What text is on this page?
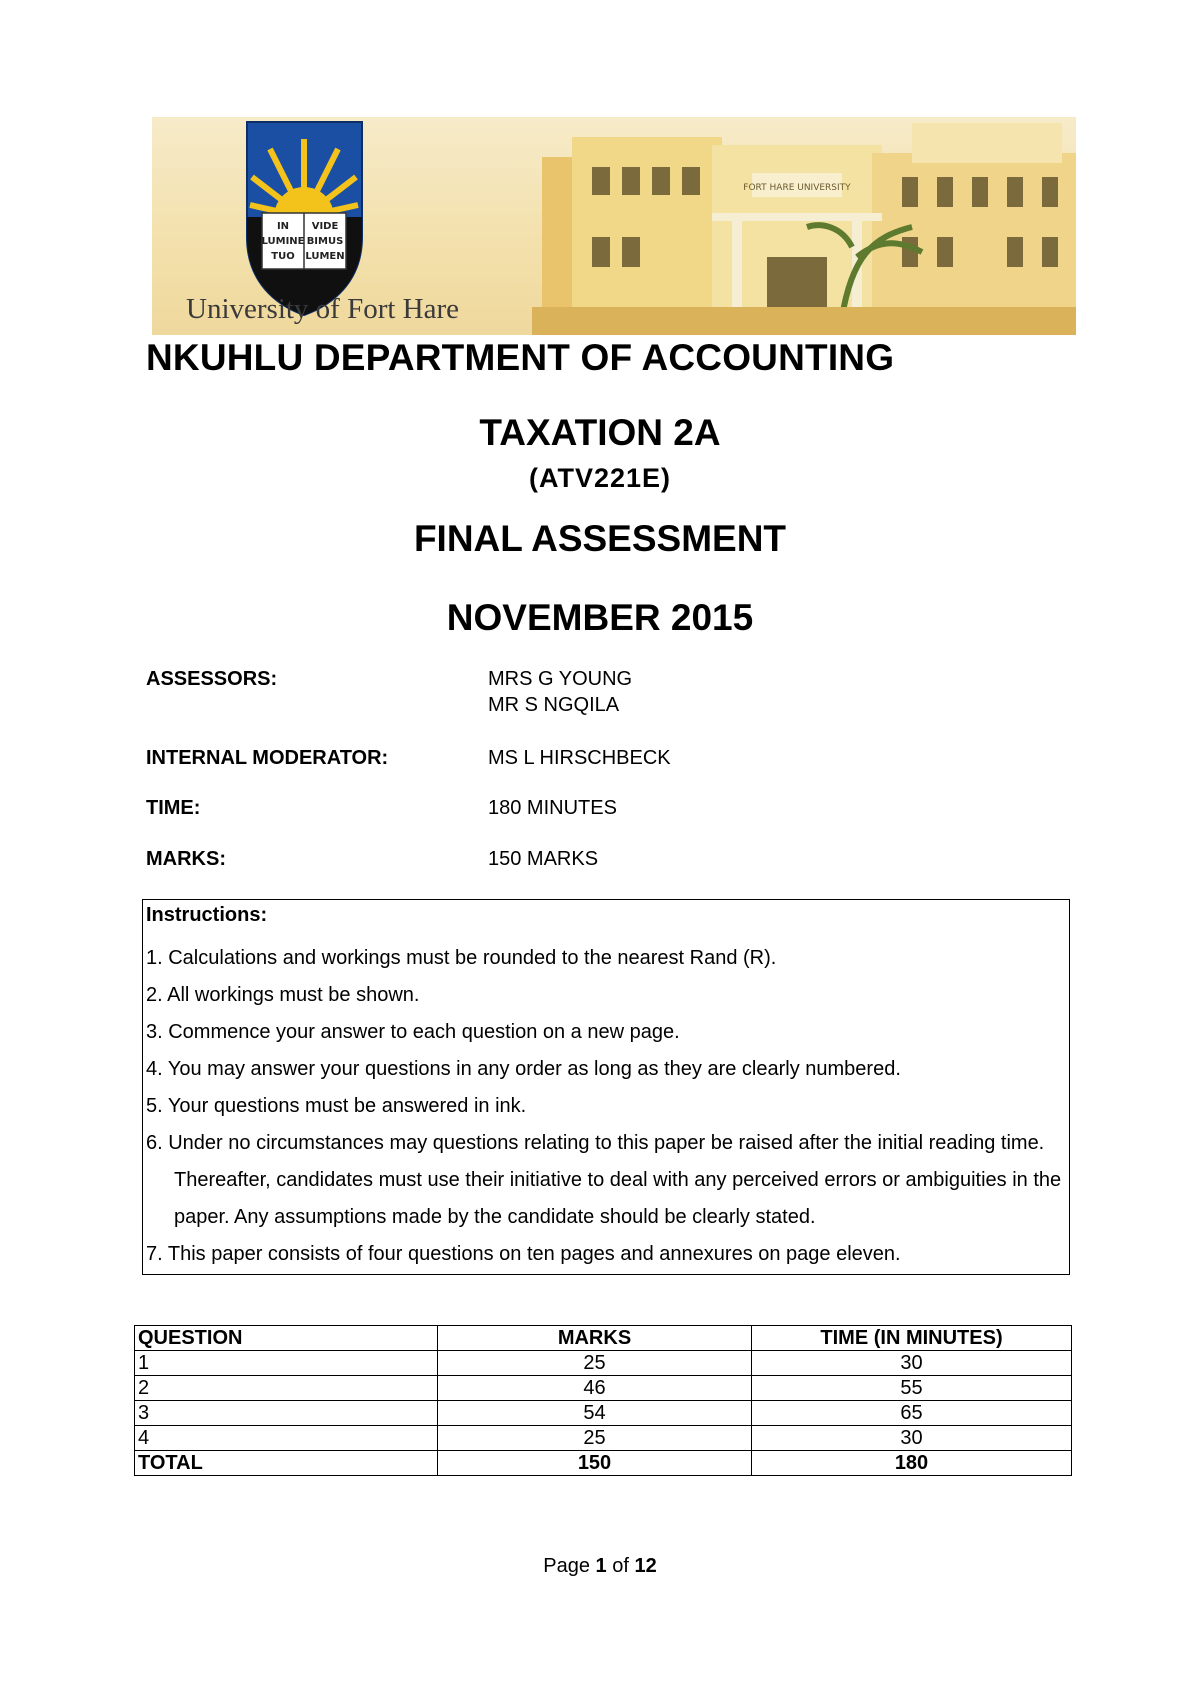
FORT HARE UNIVERSITY
IN
LUMINE
TUO
VIDE
BIMUS
LUMEN
University of Fort Hare
NKUHLU DEPARTMENT OF ACCOUNTING
TAXATION 2A
(ATV221E)
FINAL ASSESSMENT
NOVEMBER 2015
ASSESSORS:	MRS G YOUNG
MR S NGQILA
INTERNAL MODERATOR:	MS L HIRSCHBECK
TIME:	180 MINUTES
MARKS:	150 MARKS
Instructions:
1. Calculations and workings must be rounded to the nearest Rand (R).
2. All workings must be shown.
3. Commence your answer to each question on a new page.
4. You may answer your questions in any order as long as they are clearly numbered.
5. Your questions must be answered in ink.
6. Under no circumstances may questions relating to this paper be raised after the initial reading time. Thereafter, candidates must use their initiative to deal with any perceived errors or ambiguities in the paper. Any assumptions made by the candidate should be clearly stated.
7. This paper consists of four questions on ten pages and annexures on page eleven.
QUESTION	MARKS	TIME (IN MINUTES)
1	25	30
2	46	55
3	54	65
4	25	30
TOTAL	150	180
Page 1 of 12
